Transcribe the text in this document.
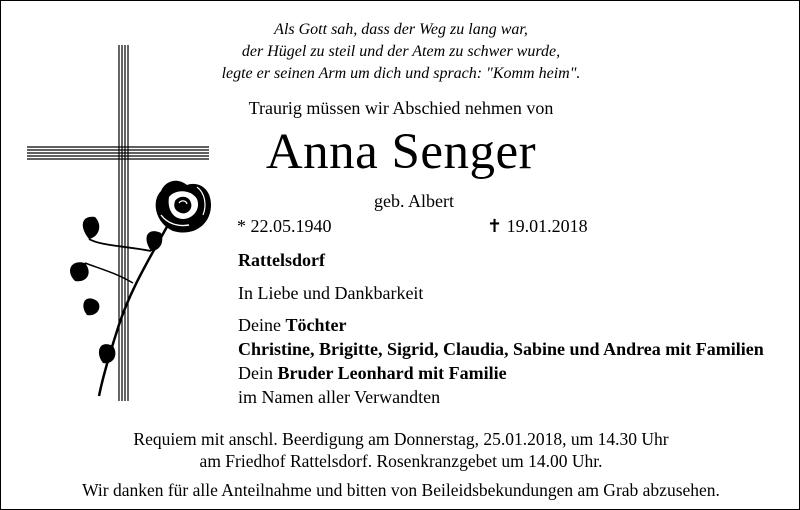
Als Gott sah, dass der Weg zu lang war,
der Hügel zu steil und der Atem zu schwer wurde,
legte er seinen Arm um dich und sprach: "Komm heim".
Traurig müssen wir Abschied nehmen von
Anna Senger
geb. Albert
* 22.05.1940	✝ 19.01.2018
Rattelsdorf
In Liebe und Dankbarkeit
Deine Töchter
Christine, Brigitte, Sigrid, Claudia, Sabine und Andrea mit Familien
Dein Bruder Leonhard mit Familie
im Namen aller Verwandten
Requiem mit anschl. Beerdigung am Donnerstag, 25.01.2018, um 14.30 Uhr
am Friedhof Rattelsdorf. Rosenkranzgebet um 14.00 Uhr.
Wir danken für alle Anteilnahme und bitten von Beileidsbekundungen am Grab abzusehen.
